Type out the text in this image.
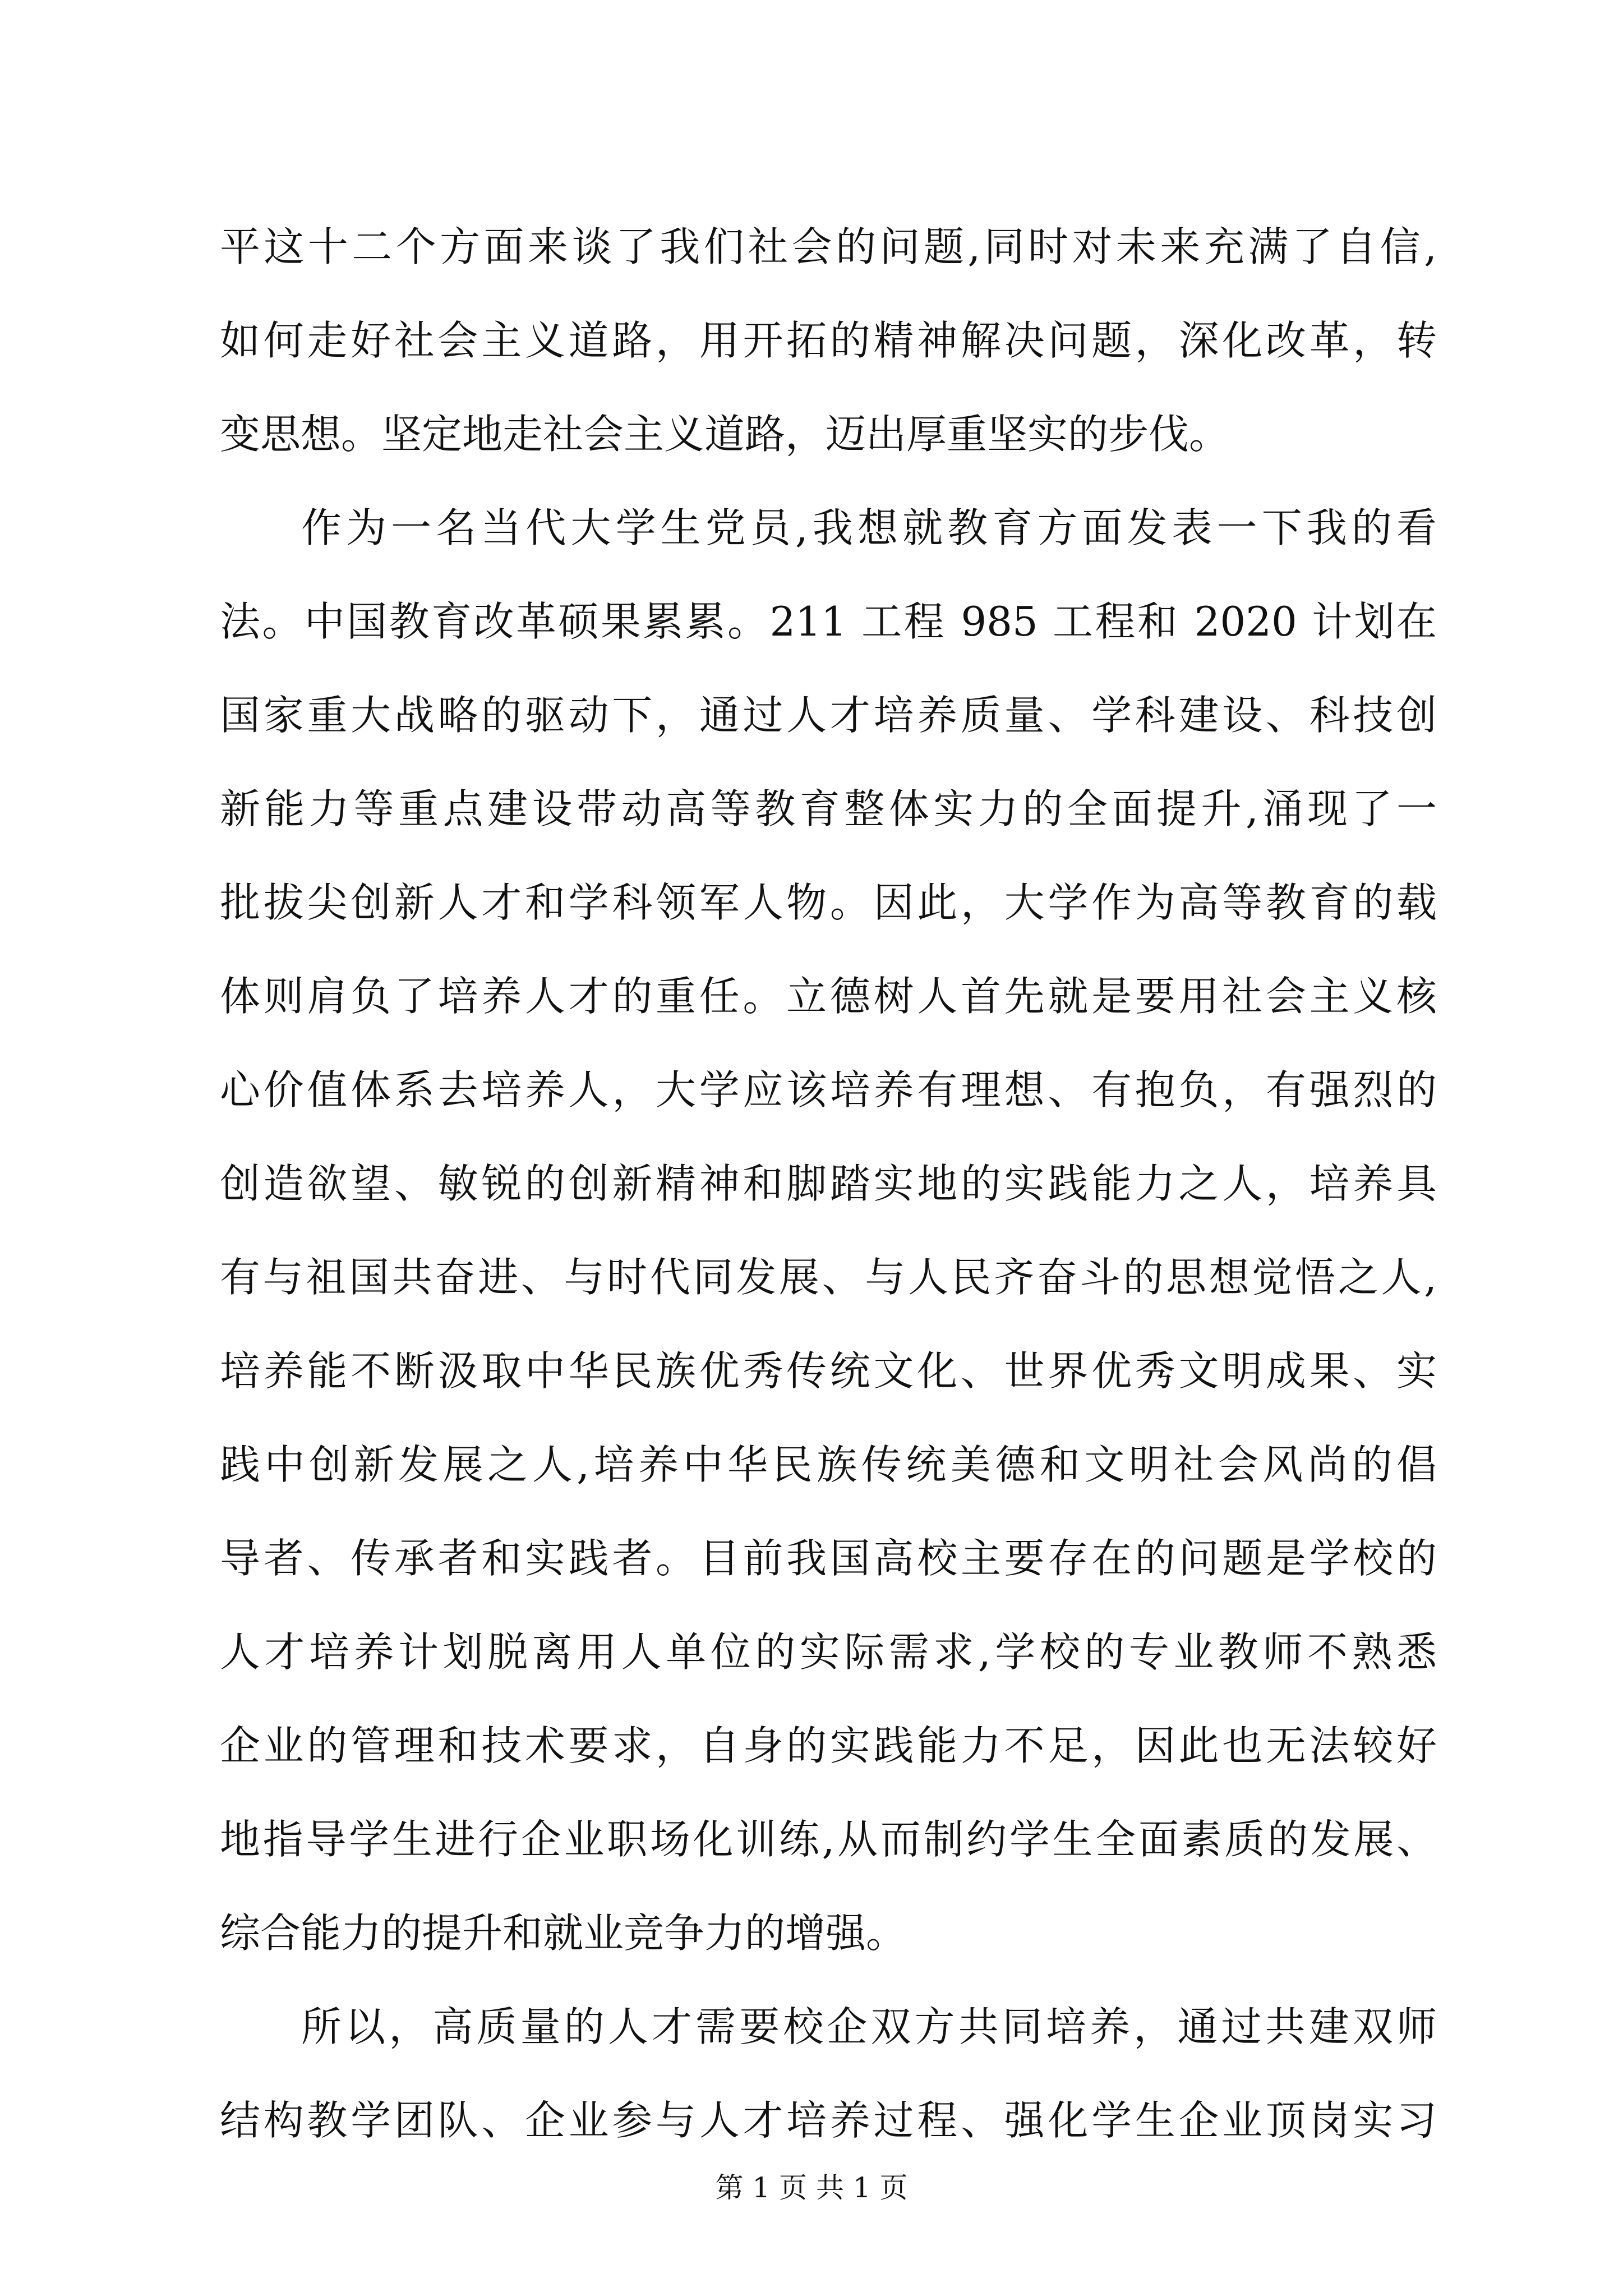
平这十二个方面来谈了我们社会的问题,同时对未来充满了自信,
如何走好社会主义道路，用开拓的精神解决问题，深化改革，转
变思想。坚定地走社会主义道路，迈出厚重坚实的步伐。
作为一名当代大学生党员,我想就教育方面发表一下我的看
法。中国教育改革硕果累累。211 工程 985 工程和 2020 计划在
国家重大战略的驱动下，通过人才培养质量、学科建设、科技创
新能力等重点建设带动高等教育整体实力的全面提升,涌现了一
批拔尖创新人才和学科领军人物。因此，大学作为高等教育的载
体则肩负了培养人才的重任。立德树人首先就是要用社会主义核
心价值体系去培养人，大学应该培养有理想、有抱负，有强烈的
创造欲望、敏锐的创新精神和脚踏实地的实践能力之人，培养具
有与祖国共奋进、与时代同发展、与人民齐奋斗的思想觉悟之人,
培养能不断汲取中华民族优秀传统文化、世界优秀文明成果、实
践中创新发展之人,培养中华民族传统美德和文明社会风尚的倡
导者、传承者和实践者。目前我国高校主要存在的问题是学校的
人才培养计划脱离用人单位的实际需求,学校的专业教师不熟悉
企业的管理和技术要求，自身的实践能力不足，因此也无法较好
地指导学生进行企业职场化训练,从而制约学生全面素质的发展、
综合能力的提升和就业竞争力的增强。
所以，高质量的人才需要校企双方共同培养，通过共建双师
结构教学团队、企业参与人才培养过程、强化学生企业顶岗实习
第 1 页 共 1 页
